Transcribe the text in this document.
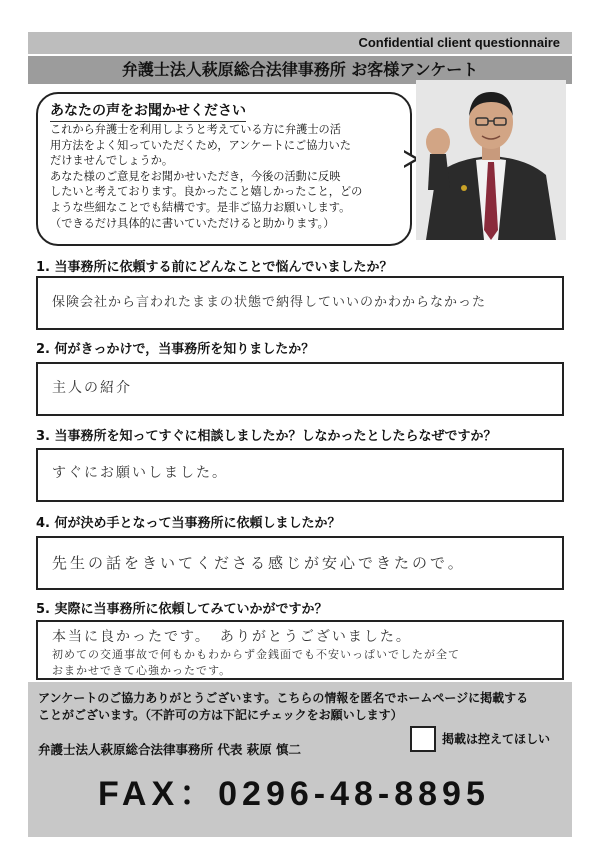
Confidential client questionnaire
弁護士法人萩原総合法律事務所 お客様アンケート
あなたの声をお聞かせください
これから弁護士を利用しようと考えている方に弁護士の活
用方法をよく知っていただくため，アンケートにご協力いた
だけませんでしょうか。
あなた様のご意見をお聞かせいただき，今後の活動に反映
したいと考えております。良かったこと嬉しかったこと，どの
ような些細なことでも結構です。是非ご協力お願いします。
（できるだけ具体的に書いていただけると助かります。）
1. 当事務所に依頼する前にどんなことで悩んでいましたか？
保険会社から言われたままの状態で納得していいのかわからなかった
2. 何がきっかけで，当事務所を知りましたか？
主人の紹介
3. 当事務所を知ってすぐに相談しましたか？しなかったとしたらなぜですか？
すぐにお願いしました。
4. 何が決め手となって当事務所に依頼しましたか？
先生の話をきいてくださる感じが安心できたので。
5. 実際に当事務所に依頼してみていかがですか？
本当に良かったです。　ありがとうございました。
初めての交通事故で何もかもわからず金銭面でも不安いっぱいでしたが全て
おまかせできて心強かったです。
アンケートのご協力ありがとうございます。こちらの情報を匿名でホームページに掲載する
ことがございます。（不許可の方は下記にチェックをお願いします）
掲載は控えてほしい
弁護士法人萩原総合法律事務所 代表 萩原 慎二
FAX：0296-48-8895
